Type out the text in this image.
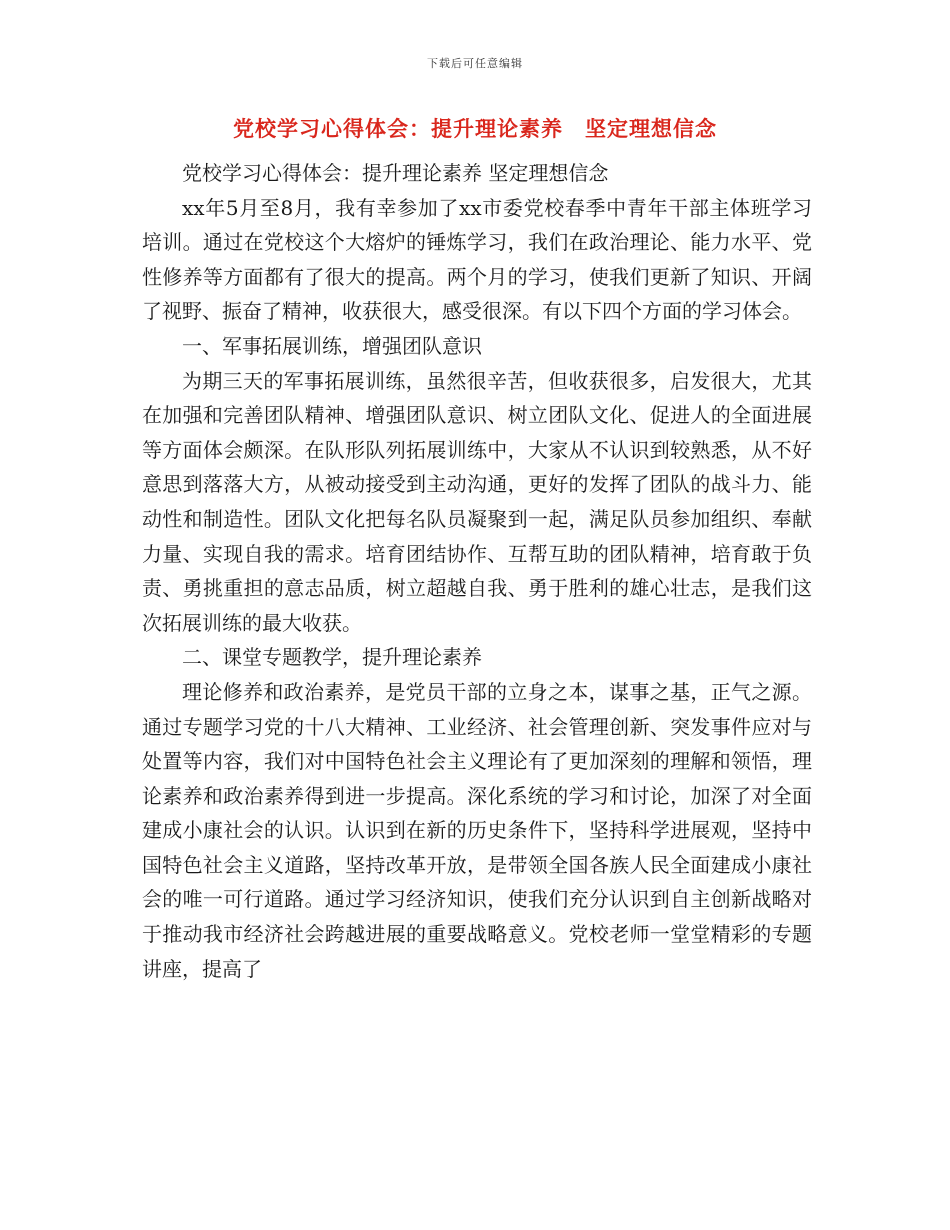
下载后可任意编辑
党校学习心得体会：提升理论素养　坚定理想信念

党校学习心得体会：提升理论素养 坚定理想信念

xx年5月至8月，我有幸参加了xx市委党校春季中青年干部主体班学习培训。通过在党校这个大熔炉的锤炼学习，我们在政治理论、能力水平、党性修养等方面都有了很大的提高。两个月的学习，使我们更新了知识、开阔了视野、振奋了精神，收获很大，感受很深。有以下四个方面的学习体会。

一、军事拓展训练，增强团队意识

为期三天的军事拓展训练，虽然很辛苦，但收获很多，启发很大，尤其在加强和完善团队精神、增强团队意识、树立团队文化、促进人的全面进展等方面体会颇深。在队形队列拓展训练中，大家从不认识到较熟悉，从不好意思到落落大方，从被动接受到主动沟通，更好的发挥了团队的战斗力、能动性和制造性。团队文化把每名队员凝聚到一起，满足队员参加组织、奉献力量、实现自我的需求。培育团结协作、互帮互助的团队精神，培育敢于负责、勇挑重担的意志品质，树立超越自我、勇于胜利的雄心壮志，是我们这次拓展训练的最大收获。

二、课堂专题教学，提升理论素养

理论修养和政治素养，是党员干部的立身之本，谋事之基，正气之源。通过专题学习党的十八大精神、工业经济、社会管理创新、突发事件应对与处置等内容，我们对中国特色社会主义理论有了更加深刻的理解和领悟，理论素养和政治素养得到进一步提高。深化系统的学习和讨论，加深了对全面建成小康社会的认识。认识到在新的历史条件下，坚持科学进展观，坚持中国特色社会主义道路，坚持改革开放，是带领全国各族人民全面建成小康社会的唯一可行道路。通过学习经济知识，使我们充分认识到自主创新战略对于推动我市经济社会跨越进展的重要战略意义。党校老师一堂堂精彩的专题讲座，提高了
